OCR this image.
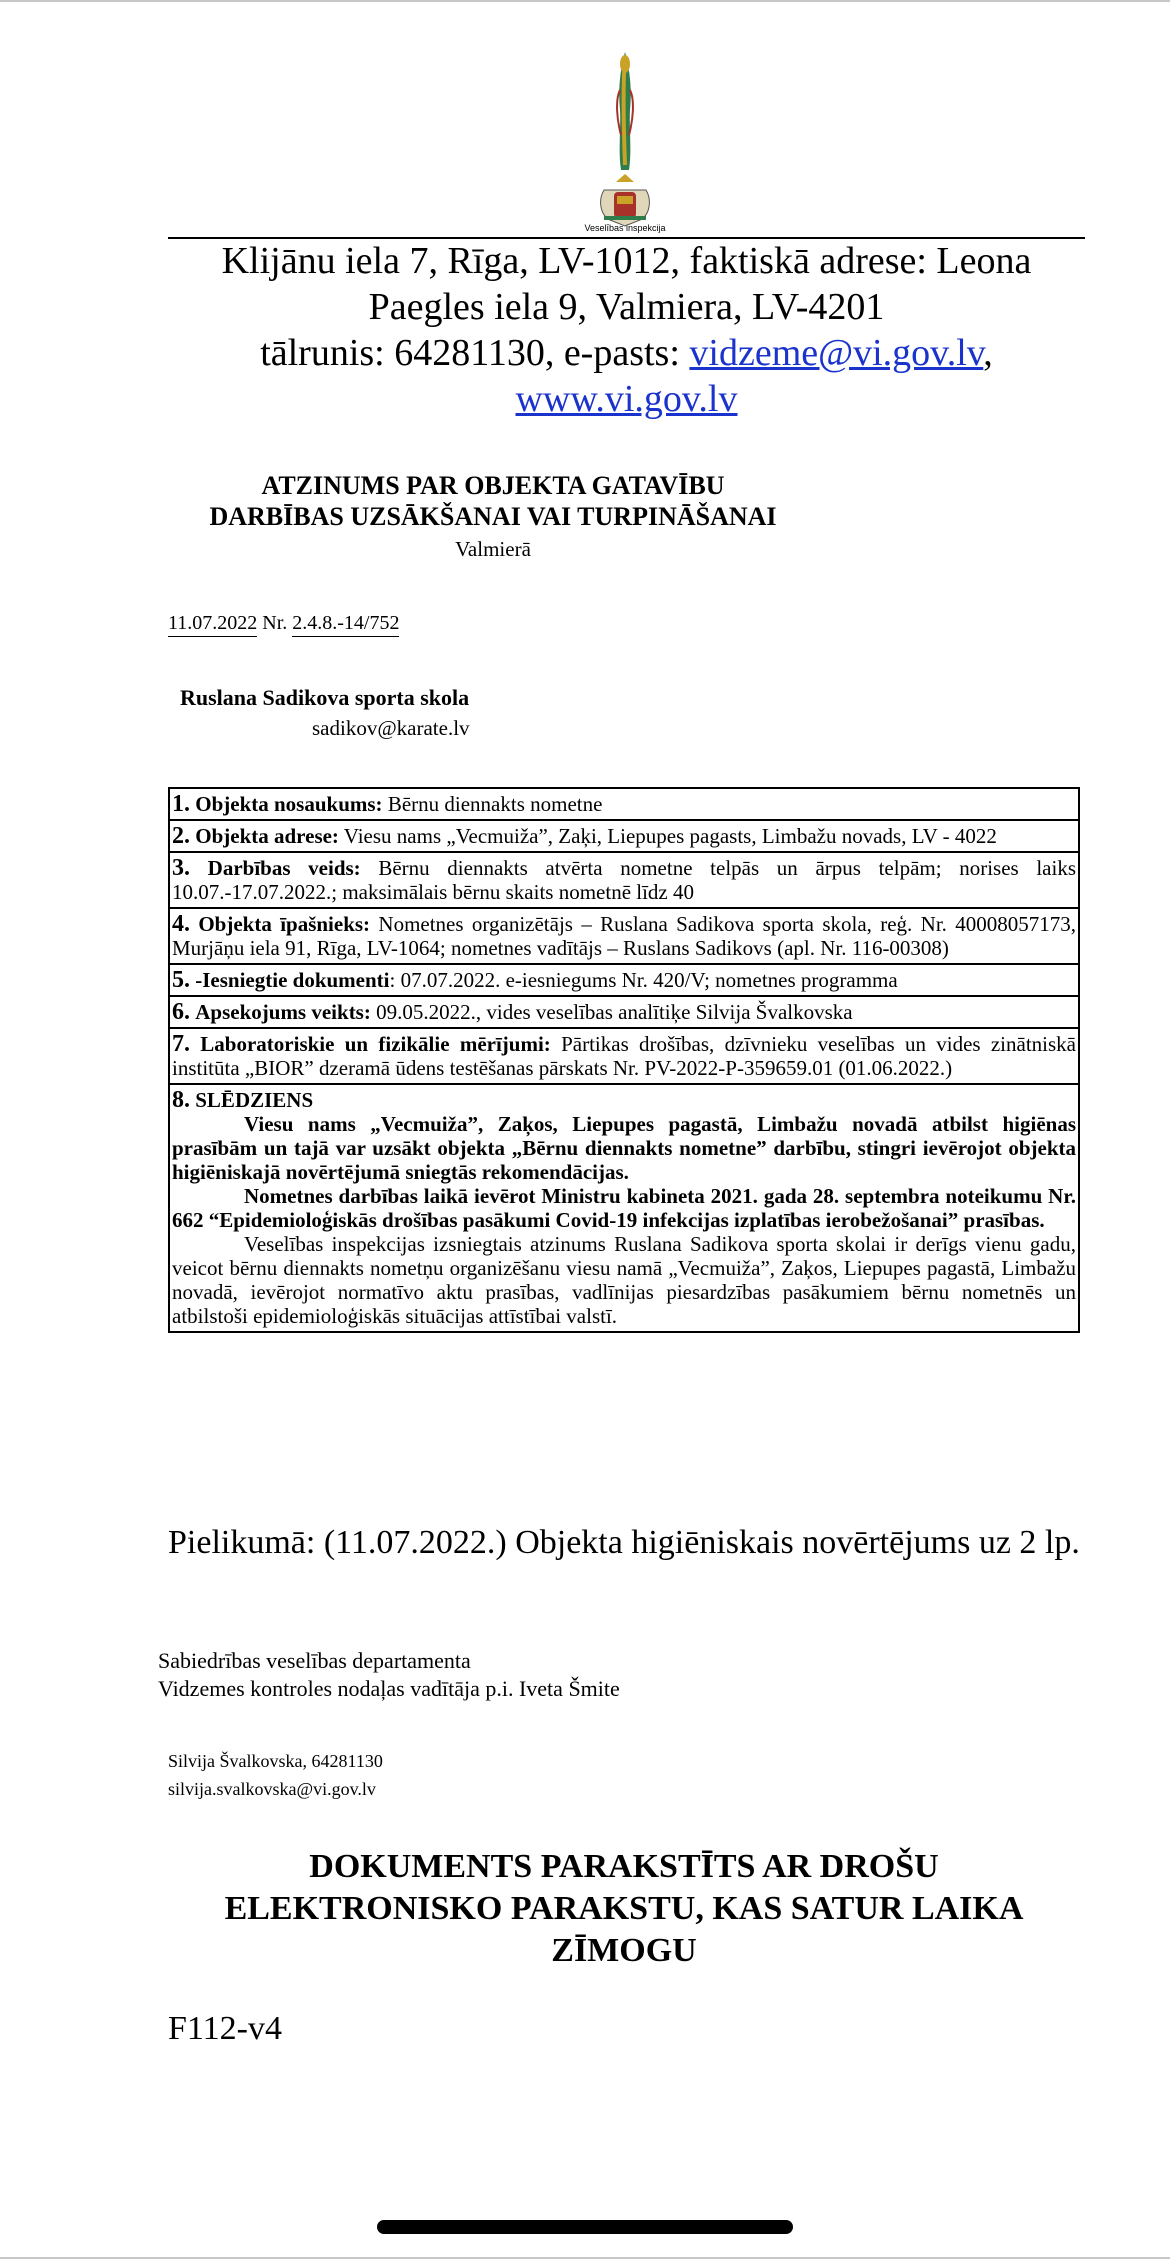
Veselības inspekcija
Klijānu iela 7, Rīga, LV-1012, faktiskā adrese: Leona
Paegles iela 9, Valmiera, LV-4201
tālrunis: 64281130, e-pasts: vidzeme@vi.gov.lv,
www.vi.gov.lv
ATZINUMS PAR OBJEKTA GATAVĪBU
DARBĪBAS UZSĀKŠANAI VAI TURPINĀŠANAI
Valmierā
11.07.2022 Nr. 2.4.8.-14/752
Ruslana Sadikova sporta skola
sadikov@karate.lv
1. Objekta nosaukums: Bērnu diennakts nometne
2. Objekta adrese: Viesu nams „Vecmuiža”, Zaķi, Liepupes pagasts, Limbažu novads, LV - 4022
3. Darbības veids: Bērnu diennakts atvērta nometne telpās un ārpus telpām; norises laiks 10.07.-17.07.2022.; maksimālais bērnu skaits nometnē līdz 40
4. Objekta īpašnieks: Nometnes organizētājs – Ruslana Sadikova sporta skola, reģ. Nr. 40008057173, Murjāņu iela 91, Rīga, LV-1064; nometnes vadītājs – Ruslans Sadikovs (apl. Nr. 116-00308)
5. -Iesniegtie dokumenti: 07.07.2022. e-iesniegums Nr. 420/V; nometnes programma
6. Apsekojums veikts: 09.05.2022., vides veselības analītiķe Silvija Švalkovska
7. Laboratoriskie un fizikālie mērījumi: Pārtikas drošības, dzīvnieku veselības un vides zinātniskā institūta „BIOR” dzeramā ūdens testēšanas pārskats Nr. PV-2022-P-359659.01 (01.06.2022.)

8. SLĒDZIENS

Viesu nams „Vecmuiža”, Zaķos, Liepupes pagastā, Limbažu novadā atbilst higiēnas prasībām un tajā var uzsākt objekta „Bērnu diennakts nometne” darbību, stingri ievērojot objekta higiēniskajā novērtējumā sniegtās rekomendācijas.

Nometnes darbības laikā ievērot Ministru kabineta 2021. gada 28. septembra noteikumu Nr. 662 “Epidemioloģiskās drošības pasākumi Covid-19 infekcijas izplatības ierobežošanai” prasības.

Veselības inspekcijas izsniegtais atzinums Ruslana Sadikova sporta skolai ir derīgs vienu gadu, veicot bērnu diennakts nometņu organizēšanu viesu namā „Vecmuiža”, Zaķos, Liepupes pagastā, Limbažu novadā, ievērojot normatīvo aktu prasības, vadlīnijas piesardzības pasākumiem bērnu nometnēs un atbilstoši epidemioloģiskās situācijas attīstībai valstī.

Pielikumā: (11.07.2022.) Objekta higiēniskais novērtējums uz 2 lp.
Sabiedrības veselības departamenta
Vidzemes kontroles nodaļas vadītāja p.i. Iveta Šmite
Silvija Švalkovska, 64281130
silvija.svalkovska@vi.gov.lv
DOKUMENTS PARAKSTĪTS AR DROŠU
ELEKTRONISKO PARAKSTU, KAS SATUR LAIKA
ZĪMOGU
F112-v4
